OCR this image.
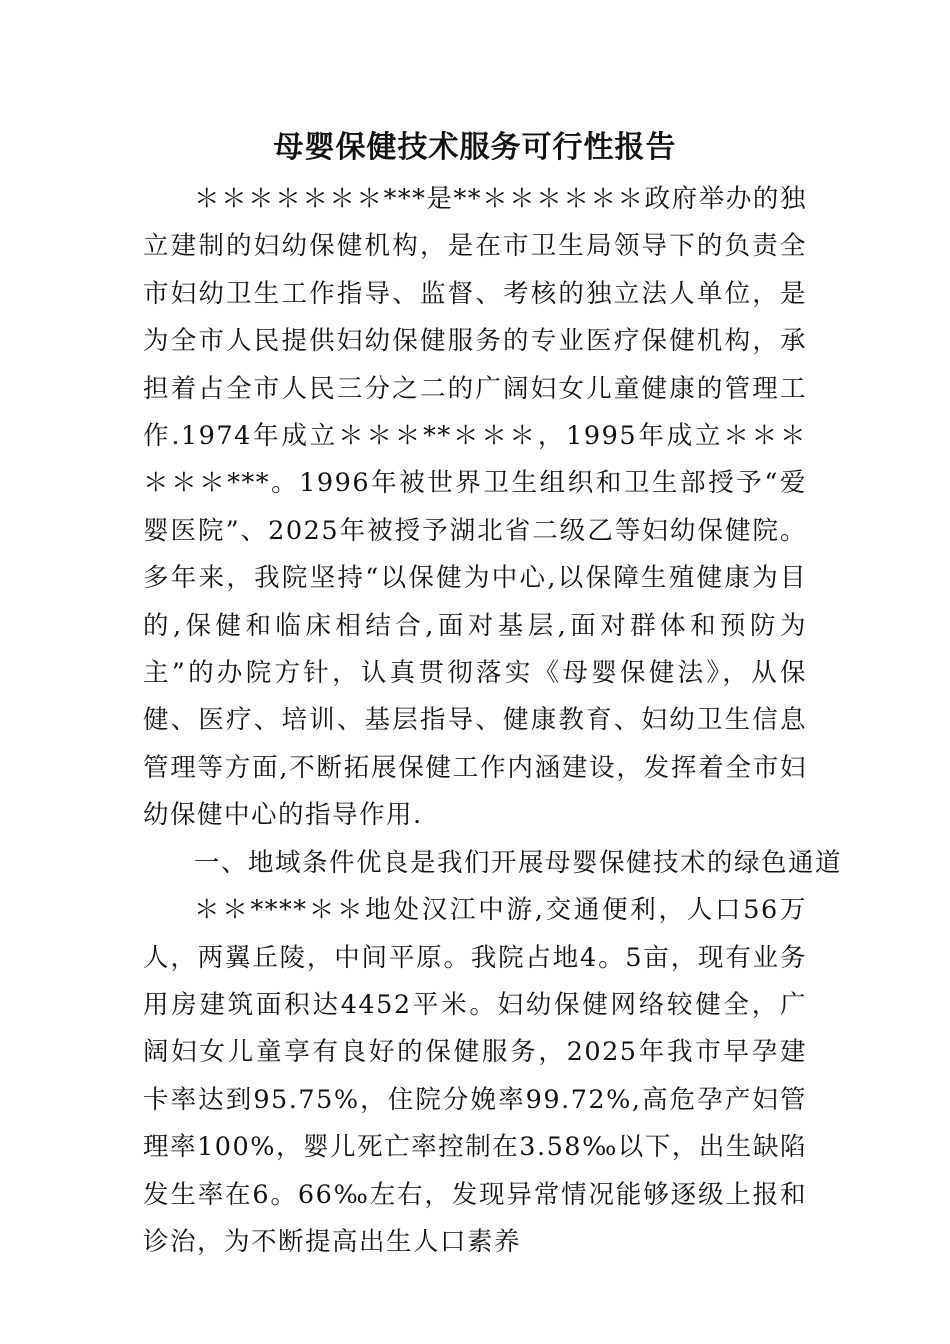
母婴保健技术服务可行性报告

＊＊＊＊＊＊＊***是**＊＊＊＊＊＊政府举办的独立建制的妇幼保健机构，是在市卫生局领导下的负责全市妇幼卫生工作指导、监督、考核的独立法人单位，是为全市人民提供妇幼保健服务的专业医疗保健机构，承担着占全市人民三分之二的广阔妇女儿童健康的管理工作.1974年成立＊＊＊**＊＊＊，1995年成立＊＊＊＊＊＊***。1996年被世界卫生组织和卫生部授予“爱婴医院”、2025年被授予湖北省二级乙等妇幼保健院。多年来，我院坚持“以保健为中心,以保障生殖健康为目的,保健和临床相结合,面对基层,面对群体和预防为主”的办院方针，认真贯彻落实《母婴保健法》，从保健、医疗、培训、基层指导、健康教育、妇幼卫生信息管理等方面,不断拓展保健工作内涵建设，发挥着全市妇幼保健中心的指导作用.

一、地域条件优良是我们开展母婴保健技术的绿色通道

＊＊****＊＊地处汉江中游,交通便利，人口56万人，两翼丘陵，中间平原。我院占地4。5亩，现有业务用房建筑面积达4452平米。妇幼保健网络较健全，广阔妇女儿童享有良好的保健服务，2025年我市早孕建卡率达到95.75%，住院分娩率99.72%,高危孕产妇管理率100%，婴儿死亡率控制在3.58‰以下，出生缺陷发生率在6。66‰左右，发现异常情况能够逐级上报和诊治，为不断提高出生人口素养
